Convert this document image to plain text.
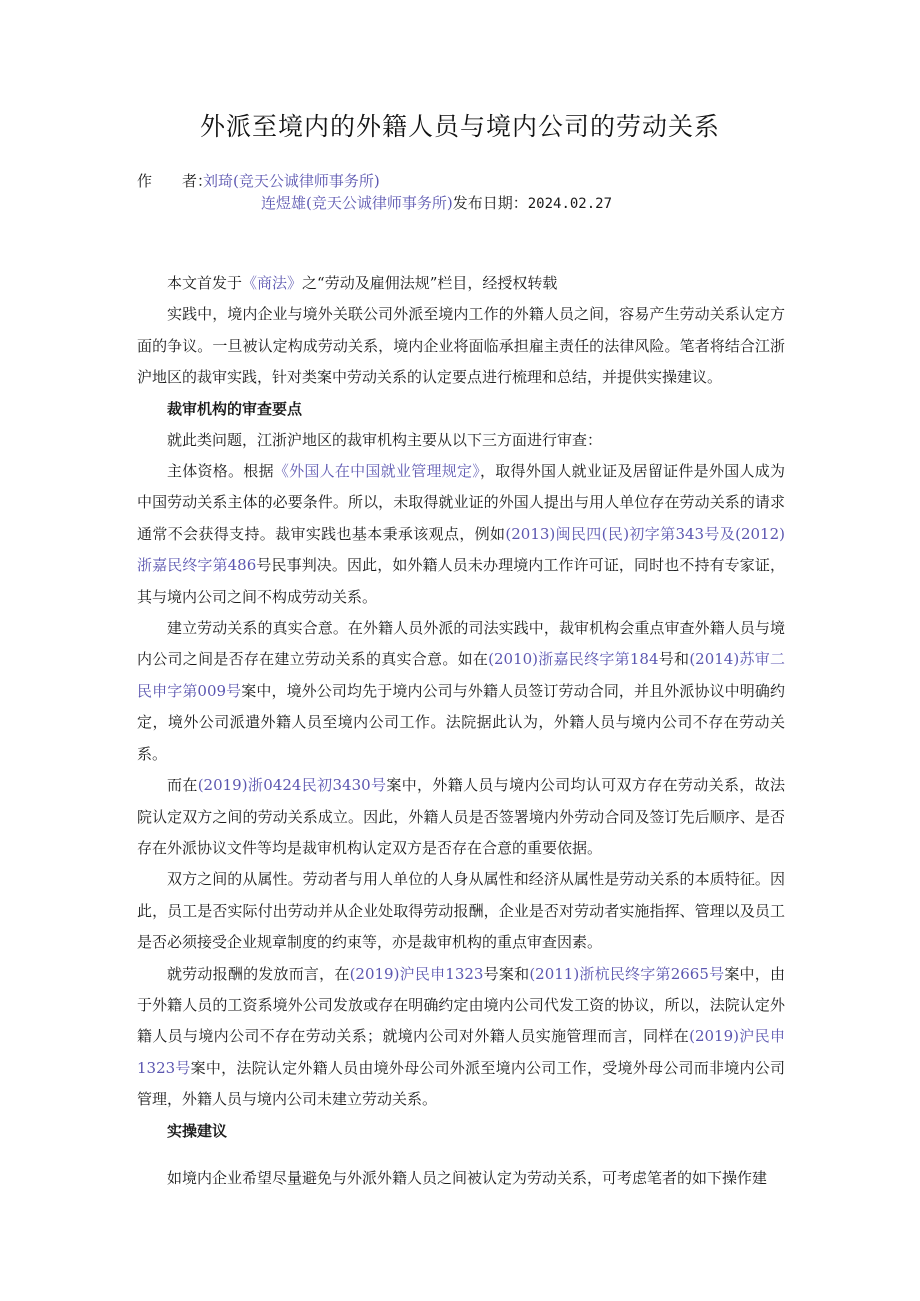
外派至境内的外籍人员与境内公司的劳动关系
作　　者：刘琦(竞天公诚律师事务所)
连煜雄(竞天公诚律师事务所)发布日期：2024.02.27

本文首发于《商法》之“劳动及雇佣法规”栏目，经授权转载

实践中，境内企业与境外关联公司外派至境内工作的外籍人员之间，容易产生劳动关系认定方面的争议。一旦被认定构成劳动关系，境内企业将面临承担雇主责任的法律风险。笔者将结合江浙沪地区的裁审实践，针对类案中劳动关系的认定要点进行梳理和总结，并提供实操建议。

裁审机构的审查要点

就此类问题，江浙沪地区的裁审机构主要从以下三方面进行审查：

主体资格。根据《外国人在中国就业管理规定》，取得外国人就业证及居留证件是外国人成为中国劳动关系主体的必要条件。所以，未取得就业证的外国人提出与用人单位存在劳动关系的请求通常不会获得支持。裁审实践也基本秉承该观点，例如(2013)闽民四(民)初字第343号及(2012)浙嘉民终字第486号民事判决。因此，如外籍人员未办理境内工作许可证，同时也不持有专家证，其与境内公司之间不构成劳动关系。

建立劳动关系的真实合意。在外籍人员外派的司法实践中，裁审机构会重点审查外籍人员与境内公司之间是否存在建立劳动关系的真实合意。如在(2010)浙嘉民终字第184号和(2014)苏审二民申字第009号案中，境外公司均先于境内公司与外籍人员签订劳动合同，并且外派协议中明确约定，境外公司派遣外籍人员至境内公司工作。法院据此认为，外籍人员与境内公司不存在劳动关系。

而在(2019)浙0424民初3430号案中，外籍人员与境内公司均认可双方存在劳动关系，故法院认定双方之间的劳动关系成立。因此，外籍人员是否签署境内外劳动合同及签订先后顺序、是否存在外派协议文件等均是裁审机构认定双方是否存在合意的重要依据。

双方之间的从属性。劳动者与用人单位的人身从属性和经济从属性是劳动关系的本质特征。因此，员工是否实际付出劳动并从企业处取得劳动报酬，企业是否对劳动者实施指挥、管理以及员工是否必须接受企业规章制度的约束等，亦是裁审机构的重点审查因素。

就劳动报酬的发放而言，在(2019)沪民申1323号案和(2011)浙杭民终字第2665号案中，由于外籍人员的工资系境外公司发放或存在明确约定由境内公司代发工资的协议，所以，法院认定外籍人员与境内公司不存在劳动关系；就境内公司对外籍人员实施管理而言，同样在(2019)沪民申1323号案中，法院认定外籍人员由境外母公司外派至境内公司工作，受境外母公司而非境内公司管理，外籍人员与境内公司未建立劳动关系。

实操建议

如境内企业希望尽量避免与外派外籍人员之间被认定为劳动关系，可考虑笔者的如下操作建
